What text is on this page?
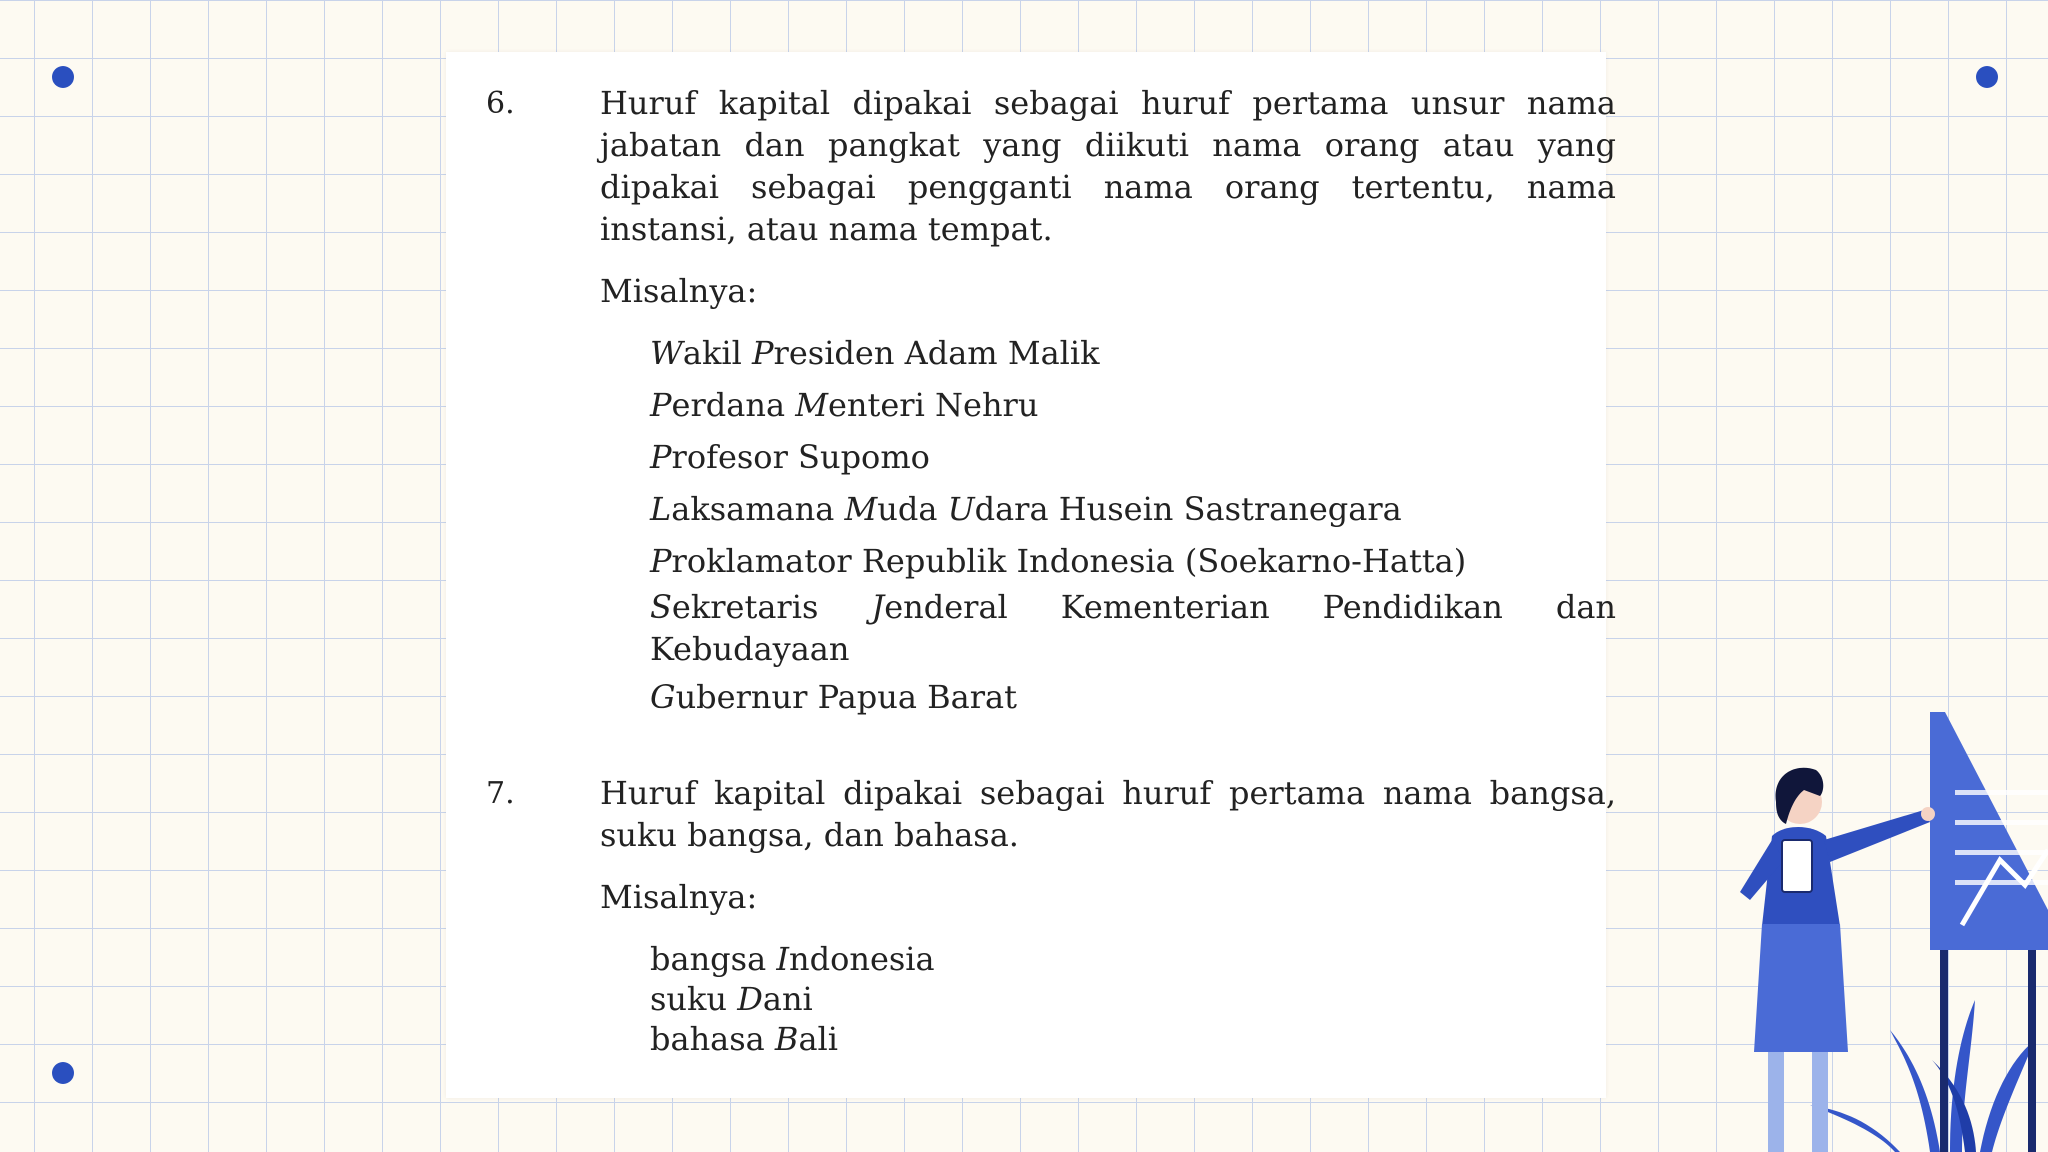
6.	Huruf kapital dipakai sebagai huruf pertama unsur nama jabatan dan pangkat yang diikuti nama orang atau yang dipakai sebagai pengganti nama orang tertentu, nama instansi, atau nama tempat.
Misalnya:
Wakil Presiden Adam Malik
Perdana Menteri Nehru
Profesor Supomo
Laksamana Muda Udara Husein Sastranegara
Proklamator Republik Indonesia (Soekarno-Hatta)
Sekretaris Jenderal Kementerian Pendidikan dan Kebudayaan
Gubernur Papua Barat
7.	Huruf kapital dipakai sebagai huruf pertama nama bangsa, suku bangsa, dan bahasa.
Misalnya:
bangsa Indonesia
suku Dani
bahasa Bali
